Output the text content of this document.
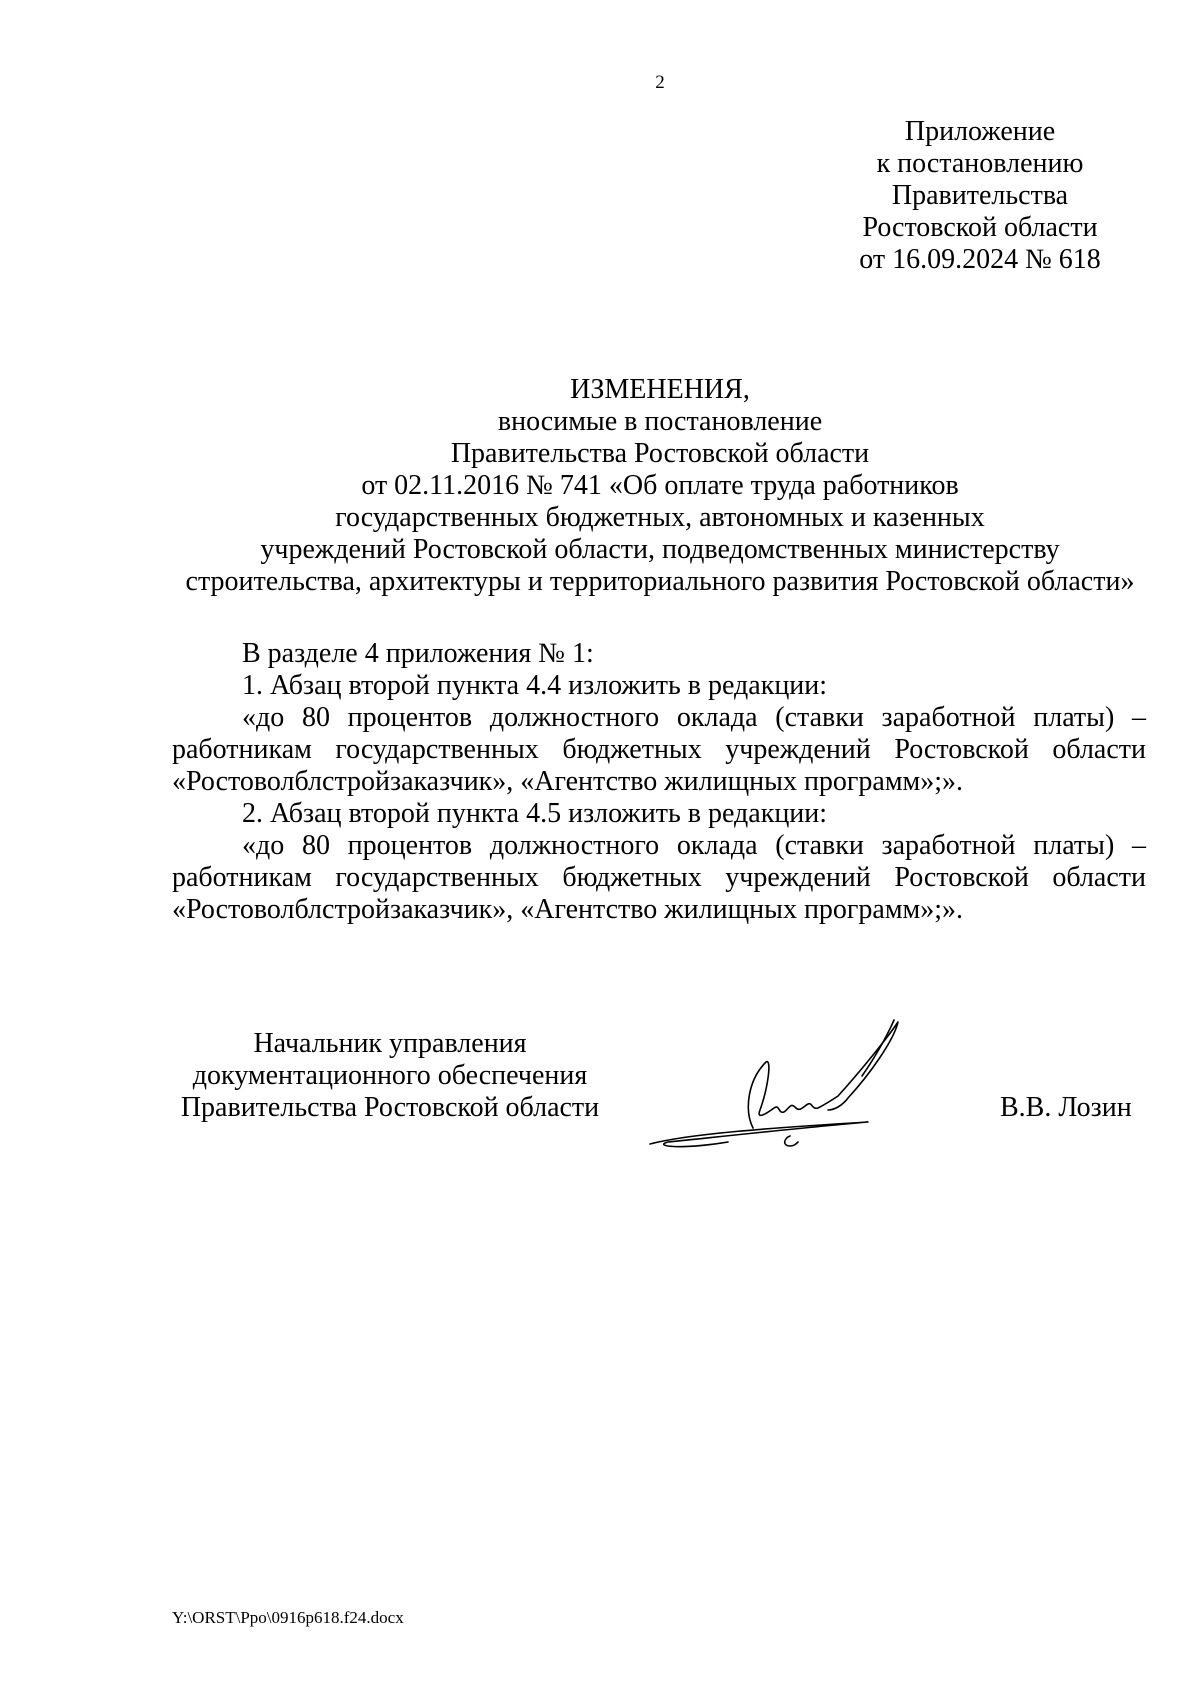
2
Приложение
к постановлению
Правительства
Ростовской области
от 16.09.2024 № 618
ИЗМЕНЕНИЯ,
вносимые в постановление
Правительства Ростовской области
от 02.11.2016 № 741 «Об оплате труда работников
государственных бюджетных, автономных и казенных
учреждений Ростовской области, подведомственных министерству
строительства, архитектуры и территориального развития Ростовской области»

В разделе 4 приложения № 1:

1. Абзац второй пункта 4.4 изложить в редакции:

«до 80 процентов должностного оклада (ставки заработной платы) – работникам государственных бюджетных учреждений Ростовской области «Ростоволблстройзаказчик», «Агентство жилищных программ»;».

2. Абзац второй пункта 4.5 изложить в редакции:

«до 80 процентов должностного оклада (ставки заработной платы) – работникам государственных бюджетных учреждений Ростовской области «Ростоволблстройзаказчик», «Агентство жилищных программ»;».

Начальник управления
документационного обеспечения
Правительства Ростовской области	В.В. Лозин
Y:\ORST\Ppo\0916p618.f24.docx
